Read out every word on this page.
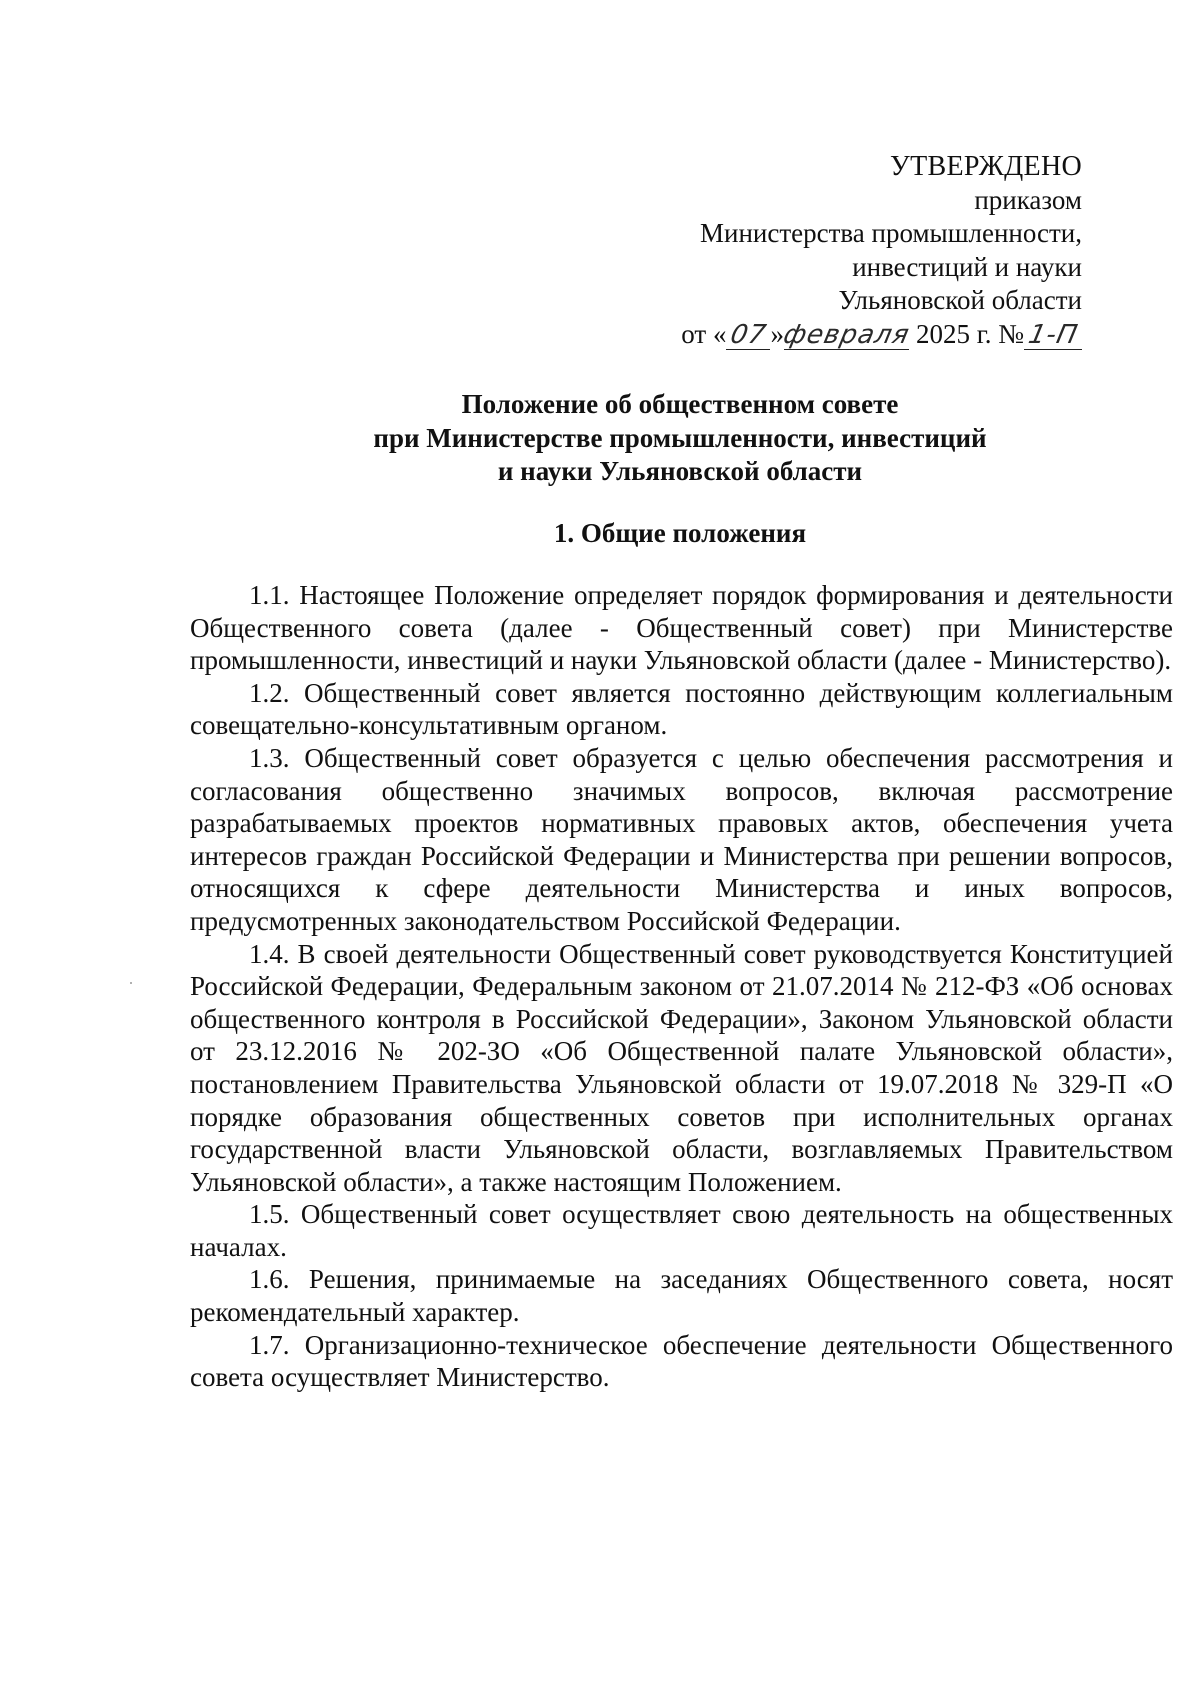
УТВЕРЖДЕНО
приказом
Министерства промышленности,
инвестиций и науки
Ульяновской области
от «07»февраля 2025 г. №1-П
Положение об общественном совете
при Министерстве промышленности, инвестиций
и науки Ульяновской области
1. Общие положения

1.1. Настоящее Положение определяет порядок формирования и деятельности Общественного совета (далее - Общественный совет) при Министерстве промышленности, инвестиций и науки Ульяновской области (далее - Министерство).

1.2. Общественный совет является постоянно действующим коллегиальным совещательно-консультативным органом.

1.3. Общественный совет образуется с целью обеспечения рассмотрения и согласования общественно значимых вопросов, включая рассмотрение разрабатываемых проектов нормативных правовых актов, обеспечения учета интересов граждан Российской Федерации и Министерства при решении вопросов, относящихся к сфере деятельности Министерства и иных вопросов, предусмотренных законодательством Российской Федерации.

1.4. В своей деятельности Общественный совет руководствуется Конституцией Российской Федерации, Федеральным законом от 21.07.2014 № 212-ФЗ «Об основах общественного контроля в Российской Федерации», Законом Ульяновской области от 23.12.2016 № 202-ЗО «Об Общественной палате Ульяновской области», постановлением Правительства Ульяновской области от 19.07.2018 № 329-П «О порядке образования общественных советов при исполнительных органах государственной власти Ульяновской области, возглавляемых Правительством Ульяновской области», а также настоящим Положением.

1.5. Общественный совет осуществляет свою деятельность на общественных началах.

1.6. Решения, принимаемые на заседаниях Общественного совета, носят рекомендательный характер.

1.7. Организационно-техническое обеспечение деятельности Общественного совета осуществляет Министерство.
